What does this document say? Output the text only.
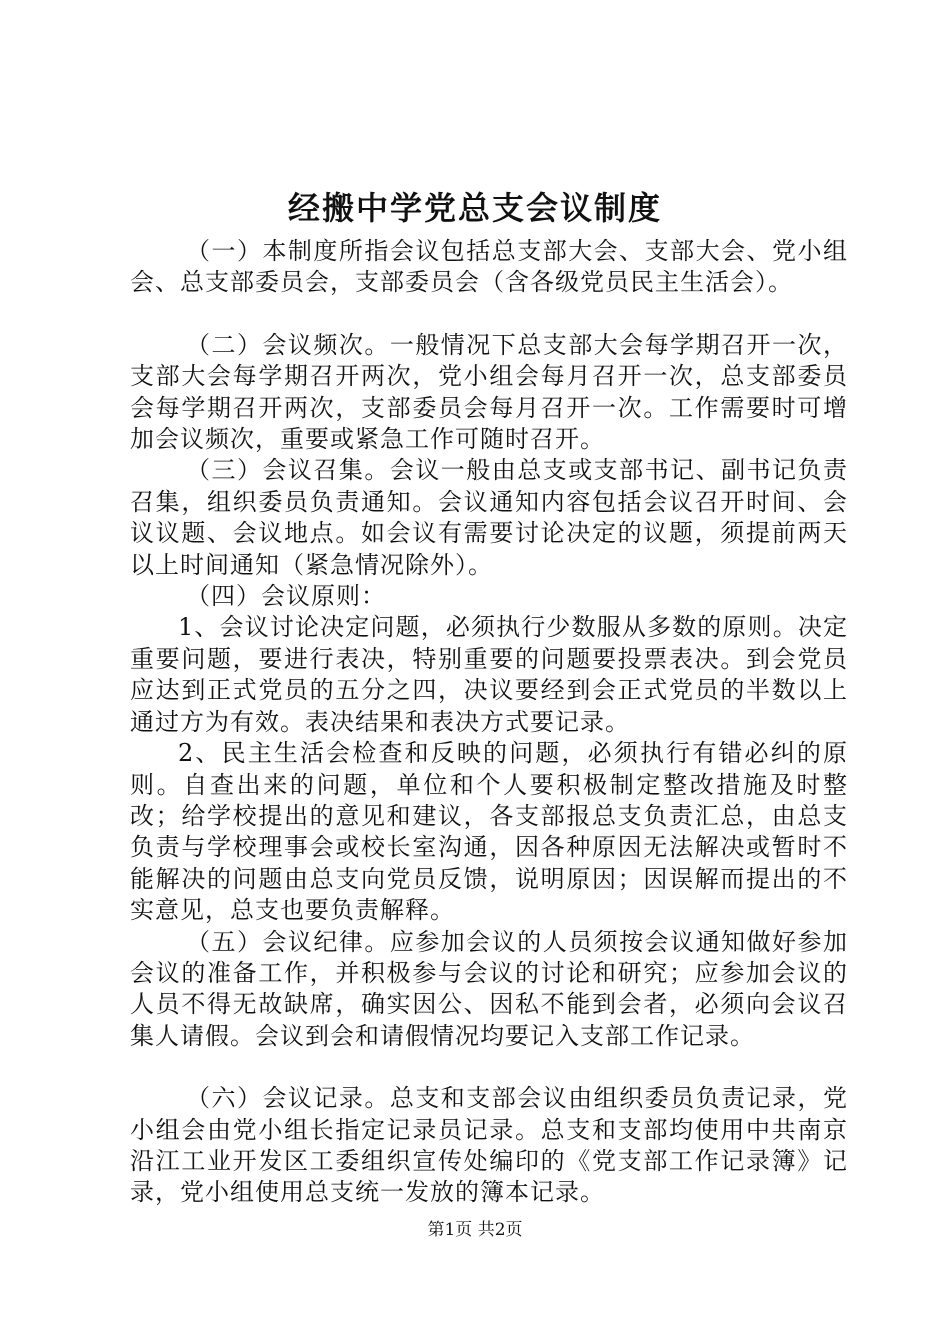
经搬中学党总支会议制度

（一）本制度所指会议包括总支部大会、支部大会、党小组会、总支部委员会，支部委员会（含各级党员民主生活会）。

（二）会议频次。一般情况下总支部大会每学期召开一次，支部大会每学期召开两次，党小组会每月召开一次，总支部委员会每学期召开两次，支部委员会每月召开一次。工作需要时可增加会议频次，重要或紧急工作可随时召开。

（三）会议召集。会议一般由总支或支部书记、副书记负责召集，组织委员负责通知。会议通知内容包括会议召开时间、会议议题、会议地点。如会议有需要讨论决定的议题，须提前两天以上时间通知（紧急情况除外）。

（四）会议原则：

1、会议讨论决定问题，必须执行少数服从多数的原则。决定重要问题，要进行表决，特别重要的问题要投票表决。到会党员应达到正式党员的五分之四，决议要经到会正式党员的半数以上通过方为有效。表决结果和表决方式要记录。

2、民主生活会检查和反映的问题，必须执行有错必纠的原则。自查出来的问题，单位和个人要积极制定整改措施及时整改；给学校提出的意见和建议，各支部报总支负责汇总，由总支负责与学校理事会或校长室沟通，因各种原因无法解决或暂时不能解决的问题由总支向党员反馈，说明原因；因误解而提出的不实意见，总支也要负责解释。

（五）会议纪律。应参加会议的人员须按会议通知做好参加会议的准备工作，并积极参与会议的讨论和研究；应参加会议的人员不得无故缺席，确实因公、因私不能到会者，必须向会议召集人请假。会议到会和请假情况均要记入支部工作记录。

（六）会议记录。总支和支部会议由组织委员负责记录，党小组会由党小组长指定记录员记录。总支和支部均使用中共南京沿江工业开发区工委组织宣传处编印的《党支部工作记录簿》记录，党小组使用总支统一发放的簿本记录。

第1页 共2页
